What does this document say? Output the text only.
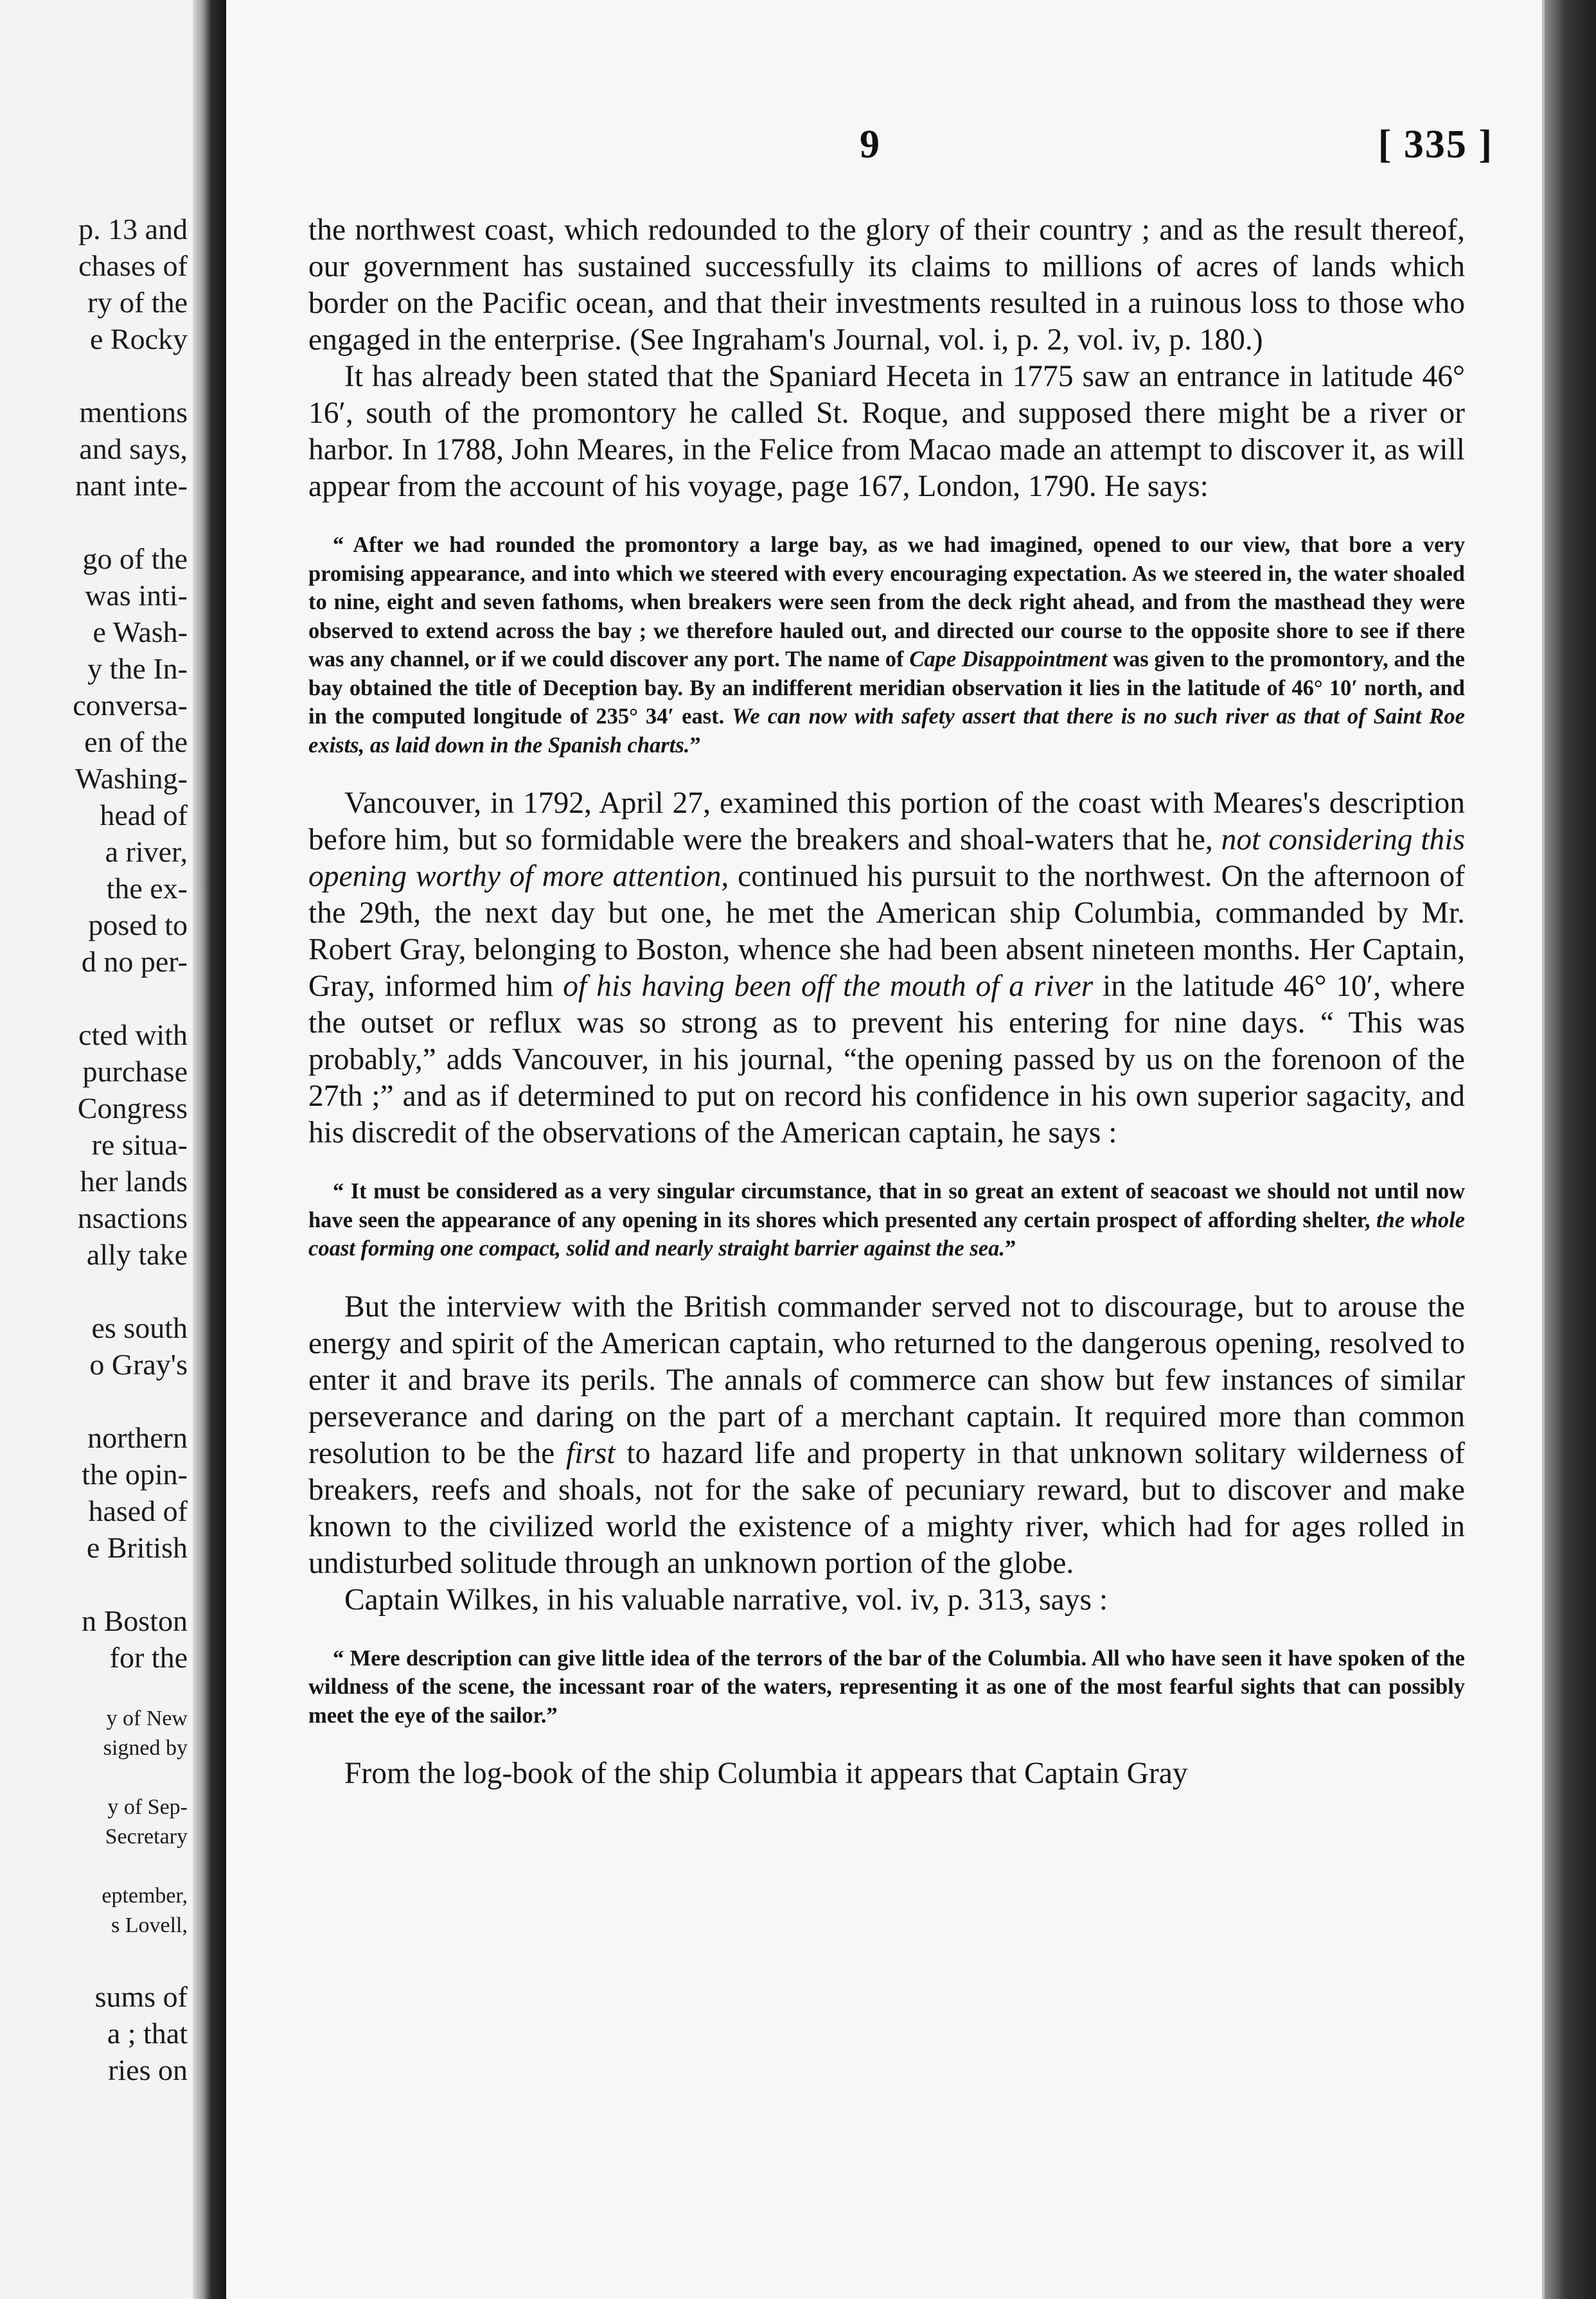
p. 13 and
chases of
ry of the
e Rocky
mentions
and says,
nant inte-
go of the
was inti-
e Wash-
y the In-
conversa-
en of the
Washing-
head of
a river,
the ex-
posed to
d no per-
cted with
purchase
Congress
re situa-
her lands
nsactions
ally take
es south
o Gray's
northern
the opin-
hased of
e British
n Boston
for the
y of New
signed by
y of Sep-
Secretary
eptember,
s Lovell,
sums of
a ; that
ries on
9	[ 335 ]

the northwest coast, which redounded to the glory of their country ; and as the result thereof, our government has sustained successfully its claims to millions of acres of lands which border on the Pacific ocean, and that their investments resulted in a ruinous loss to those who engaged in the enterprise. (See Ingraham's Journal, vol. i, p. 2, vol. iv, p. 180.)

It has already been stated that the Spaniard Heceta in 1775 saw an entrance in latitude 46° 16′, south of the promontory he called St. Roque, and supposed there might be a river or harbor. In 1788, John Meares, in the Felice from Macao made an attempt to discover it, as will appear from the account of his voyage, page 167, London, 1790. He says:

“ After we had rounded the promontory a large bay, as we had imagined, opened to our view, that bore a very promising appearance, and into which we steered with every encouraging expectation. As we steered in, the water shoaled to nine, eight and seven fathoms, when breakers were seen from the deck right ahead, and from the masthead they were observed to extend across the bay ; we therefore hauled out, and directed our course to the opposite shore to see if there was any channel, or if we could discover any port. The name of Cape Disappointment was given to the promontory, and the bay obtained the title of Deception bay. By an indifferent meridian observation it lies in the latitude of 46° 10′ north, and in the computed longitude of 235° 34′ east. We can now with safety assert that there is no such river as that of Saint Roe exists, as laid down in the Spanish charts.”

Vancouver, in 1792, April 27, examined this portion of the coast with Meares's description before him, but so formidable were the breakers and shoal-waters that he, not considering this opening worthy of more attention, continued his pursuit to the northwest. On the afternoon of the 29th, the next day but one, he met the American ship Columbia, commanded by Mr. Robert Gray, belonging to Boston, whence she had been absent nineteen months. Her Captain, Gray, informed him of his having been off the mouth of a river in the latitude 46° 10′, where the outset or reflux was so strong as to prevent his entering for nine days. “ This was probably,” adds Vancouver, in his journal, “the opening passed by us on the forenoon of the 27th ;” and as if determined to put on record his confidence in his own superior sagacity, and his discredit of the observations of the American captain, he says :

“ It must be considered as a very singular circumstance, that in so great an extent of seacoast we should not until now have seen the appearance of any opening in its shores which presented any certain prospect of affording shelter, the whole coast forming one compact, solid and nearly straight barrier against the sea.”

But the interview with the British commander served not to discourage, but to arouse the energy and spirit of the American captain, who returned to the dangerous opening, resolved to enter it and brave its perils. The annals of commerce can show but few instances of similar perseverance and daring on the part of a merchant captain. It required more than common resolution to be the first to hazard life and property in that unknown solitary wilderness of breakers, reefs and shoals, not for the sake of pecuniary reward, but to discover and make known to the civilized world the existence of a mighty river, which had for ages rolled in undisturbed solitude through an unknown portion of the globe.

Captain Wilkes, in his valuable narrative, vol. iv, p. 313, says :

“ Mere description can give little idea of the terrors of the bar of the Columbia. All who have seen it have spoken of the wildness of the scene, the incessant roar of the waters, representing it as one of the most fearful sights that can possibly meet the eye of the sailor.”

From the log-book of the ship Columbia it appears that Captain Gray
